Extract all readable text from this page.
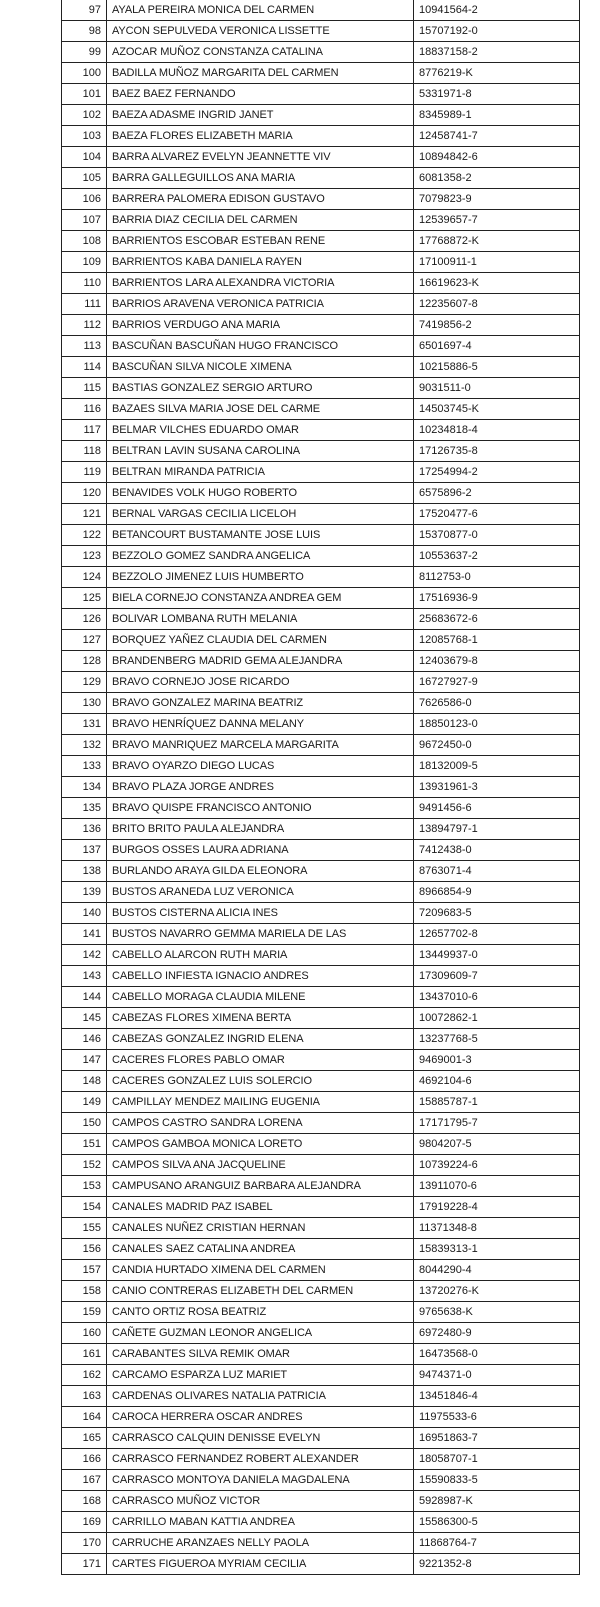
97	AYALA PEREIRA MONICA DEL CARMEN	10941564-2
98	AYCON SEPULVEDA VERONICA LISSETTE	15707192-0
99	AZOCAR MUÑOZ CONSTANZA CATALINA	18837158-2
100	BADILLA MUÑOZ MARGARITA DEL CARMEN	8776219-K
101	BAEZ BAEZ FERNANDO	5331971-8
102	BAEZA ADASME INGRID JANET	8345989-1
103	BAEZA FLORES ELIZABETH MARIA	12458741-7
104	BARRA ALVAREZ EVELYN JEANNETTE VIV	10894842-6
105	BARRA GALLEGUILLOS ANA MARIA	6081358-2
106	BARRERA PALOMERA EDISON GUSTAVO	7079823-9
107	BARRIA DIAZ CECILIA DEL CARMEN	12539657-7
108	BARRIENTOS ESCOBAR ESTEBAN RENE	17768872-K
109	BARRIENTOS KABA DANIELA RAYEN	17100911-1
110	BARRIENTOS LARA ALEXANDRA VICTORIA	16619623-K
111	BARRIOS ARAVENA VERONICA PATRICIA	12235607-8
112	BARRIOS VERDUGO ANA MARIA	7419856-2
113	BASCUÑAN BASCUÑAN HUGO FRANCISCO	6501697-4
114	BASCUÑAN SILVA NICOLE XIMENA	10215886-5
115	BASTIAS GONZALEZ SERGIO ARTURO	9031511-0
116	BAZAES SILVA MARIA JOSE DEL CARME	14503745-K
117	BELMAR VILCHES EDUARDO OMAR	10234818-4
118	BELTRAN LAVIN SUSANA CAROLINA	17126735-8
119	BELTRAN MIRANDA PATRICIA	17254994-2
120	BENAVIDES VOLK HUGO ROBERTO	6575896-2
121	BERNAL VARGAS CECILIA LICELOH	17520477-6
122	BETANCOURT BUSTAMANTE JOSE LUIS	15370877-0
123	BEZZOLO GOMEZ SANDRA ANGELICA	10553637-2
124	BEZZOLO JIMENEZ LUIS HUMBERTO	8112753-0
125	BIELA CORNEJO CONSTANZA ANDREA GEM	17516936-9
126	BOLIVAR LOMBANA RUTH MELANIA	25683672-6
127	BORQUEZ YAÑEZ CLAUDIA DEL CARMEN	12085768-1
128	BRANDENBERG MADRID GEMA ALEJANDRA	12403679-8
129	BRAVO CORNEJO JOSE RICARDO	16727927-9
130	BRAVO GONZALEZ MARINA BEATRIZ	7626586-0
131	BRAVO HENRÍQUEZ DANNA MELANY	18850123-0
132	BRAVO MANRIQUEZ MARCELA MARGARITA	9672450-0
133	BRAVO OYARZO DIEGO LUCAS	18132009-5
134	BRAVO PLAZA JORGE ANDRES	13931961-3
135	BRAVO QUISPE FRANCISCO ANTONIO	9491456-6
136	BRITO BRITO PAULA ALEJANDRA	13894797-1
137	BURGOS OSSES LAURA ADRIANA	7412438-0
138	BURLANDO ARAYA GILDA ELEONORA	8763071-4
139	BUSTOS ARANEDA LUZ VERONICA	8966854-9
140	BUSTOS CISTERNA ALICIA INES	7209683-5
141	BUSTOS NAVARRO GEMMA MARIELA DE LAS	12657702-8
142	CABELLO ALARCON RUTH MARIA	13449937-0
143	CABELLO INFIESTA IGNACIO ANDRES	17309609-7
144	CABELLO MORAGA CLAUDIA MILENE	13437010-6
145	CABEZAS FLORES XIMENA BERTA	10072862-1
146	CABEZAS GONZALEZ INGRID ELENA	13237768-5
147	CACERES FLORES PABLO OMAR	9469001-3
148	CACERES GONZALEZ LUIS SOLERCIO	4692104-6
149	CAMPILLAY MENDEZ MAILING EUGENIA	15885787-1
150	CAMPOS CASTRO SANDRA LORENA	17171795-7
151	CAMPOS GAMBOA MONICA LORETO	9804207-5
152	CAMPOS SILVA ANA JACQUELINE	10739224-6
153	CAMPUSANO ARANGUIZ BARBARA ALEJANDRA	13911070-6
154	CANALES MADRID PAZ ISABEL	17919228-4
155	CANALES NUÑEZ CRISTIAN HERNAN	11371348-8
156	CANALES SAEZ CATALINA ANDREA	15839313-1
157	CANDIA HURTADO XIMENA DEL CARMEN	8044290-4
158	CANIO CONTRERAS ELIZABETH DEL CARMEN	13720276-K
159	CANTO ORTIZ ROSA BEATRIZ	9765638-K
160	CAÑETE GUZMAN LEONOR ANGELICA	6972480-9
161	CARABANTES SILVA REMIK OMAR	16473568-0
162	CARCAMO ESPARZA LUZ MARIET	9474371-0
163	CARDENAS OLIVARES NATALIA PATRICIA	13451846-4
164	CAROCA HERRERA OSCAR ANDRES	11975533-6
165	CARRASCO CALQUIN DENISSE EVELYN	16951863-7
166	CARRASCO FERNANDEZ ROBERT ALEXANDER	18058707-1
167	CARRASCO MONTOYA DANIELA MAGDALENA	15590833-5
168	CARRASCO MUÑOZ VICTOR	5928987-K
169	CARRILLO MABAN KATTIA ANDREA	15586300-5
170	CARRUCHE ARANZAES NELLY PAOLA	11868764-7
171	CARTES FIGUEROA MYRIAM CECILIA	9221352-8
